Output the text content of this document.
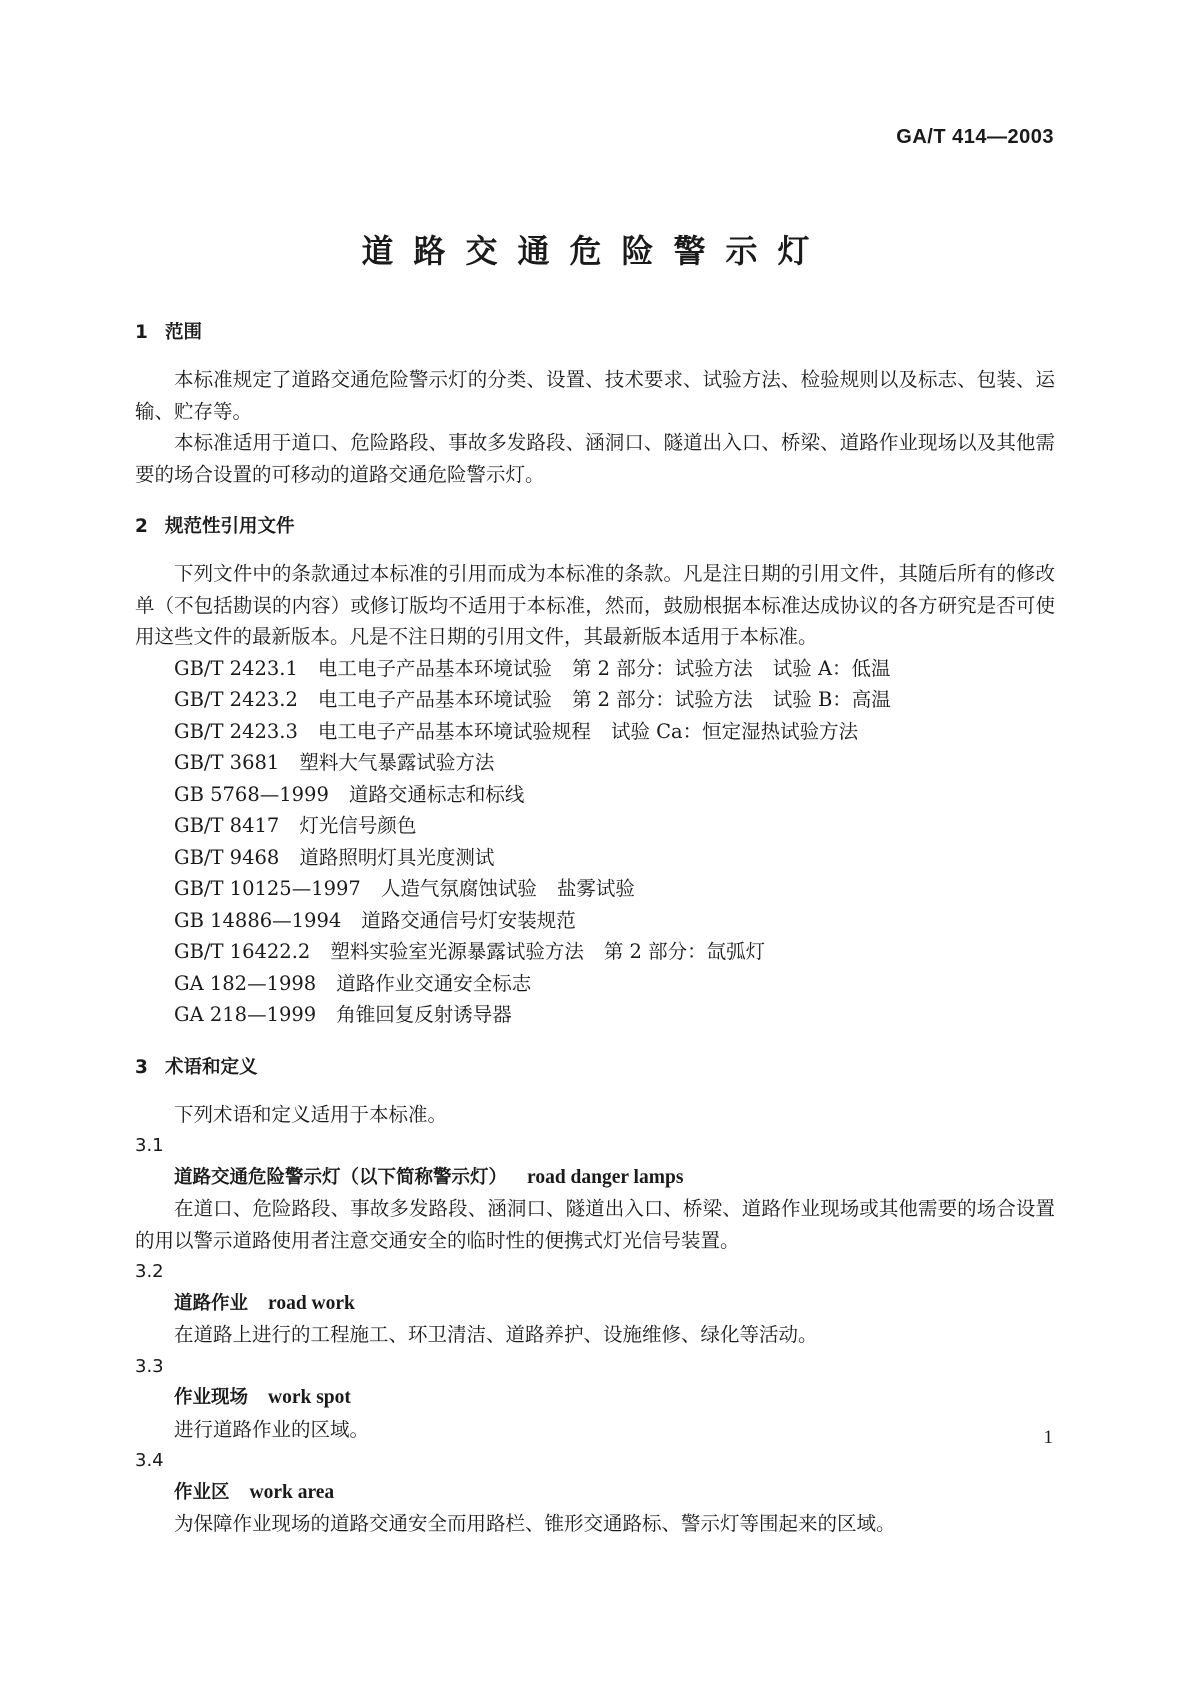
GA/T 414—2003
道路交通危险警示灯
1 范围
本标准规定了道路交通危险警示灯的分类、设置、技术要求、试验方法、检验规则以及标志、包装、运输、贮存等。
本标准适用于道口、危险路段、事故多发路段、涵洞口、隧道出入口、桥梁、道路作业现场以及其他需要的场合设置的可移动的道路交通危险警示灯。
2 规范性引用文件
下列文件中的条款通过本标准的引用而成为本标准的条款。凡是注日期的引用文件，其随后所有的修改单（不包括勘误的内容）或修订版均不适用于本标准，然而，鼓励根据本标准达成协议的各方研究是否可使用这些文件的最新版本。凡是不注日期的引用文件，其最新版本适用于本标准。
GB/T 2423.1 电工电子产品基本环境试验 第 2 部分：试验方法 试验 A：低温
GB/T 2423.2 电工电子产品基本环境试验 第 2 部分：试验方法 试验 B：高温
GB/T 2423.3 电工电子产品基本环境试验规程 试验 Ca：恒定湿热试验方法
GB/T 3681 塑料大气暴露试验方法
GB 5768—1999 道路交通标志和标线
GB/T 8417 灯光信号颜色
GB/T 9468 道路照明灯具光度测试
GB/T 10125—1997 人造气氛腐蚀试验 盐雾试验
GB 14886—1994 道路交通信号灯安装规范
GB/T 16422.2 塑料实验室光源暴露试验方法 第 2 部分：氙弧灯
GA 182—1998 道路作业交通安全标志
GA 218—1999 角锥回复反射诱导器
3 术语和定义
下列术语和定义适用于本标准。
3.1
道路交通危险警示灯（以下简称警示灯） road danger lamps
在道口、危险路段、事故多发路段、涵洞口、隧道出入口、桥梁、道路作业现场或其他需要的场合设置的用以警示道路使用者注意交通安全的临时性的便携式灯光信号装置。
3.2
道路作业 road work
在道路上进行的工程施工、环卫清洁、道路养护、设施维修、绿化等活动。
3.3
作业现场 work spot
进行道路作业的区域。
3.4
作业区 work area
为保障作业现场的道路交通安全而用路栏、锥形交通路标、警示灯等围起来的区域。
1
